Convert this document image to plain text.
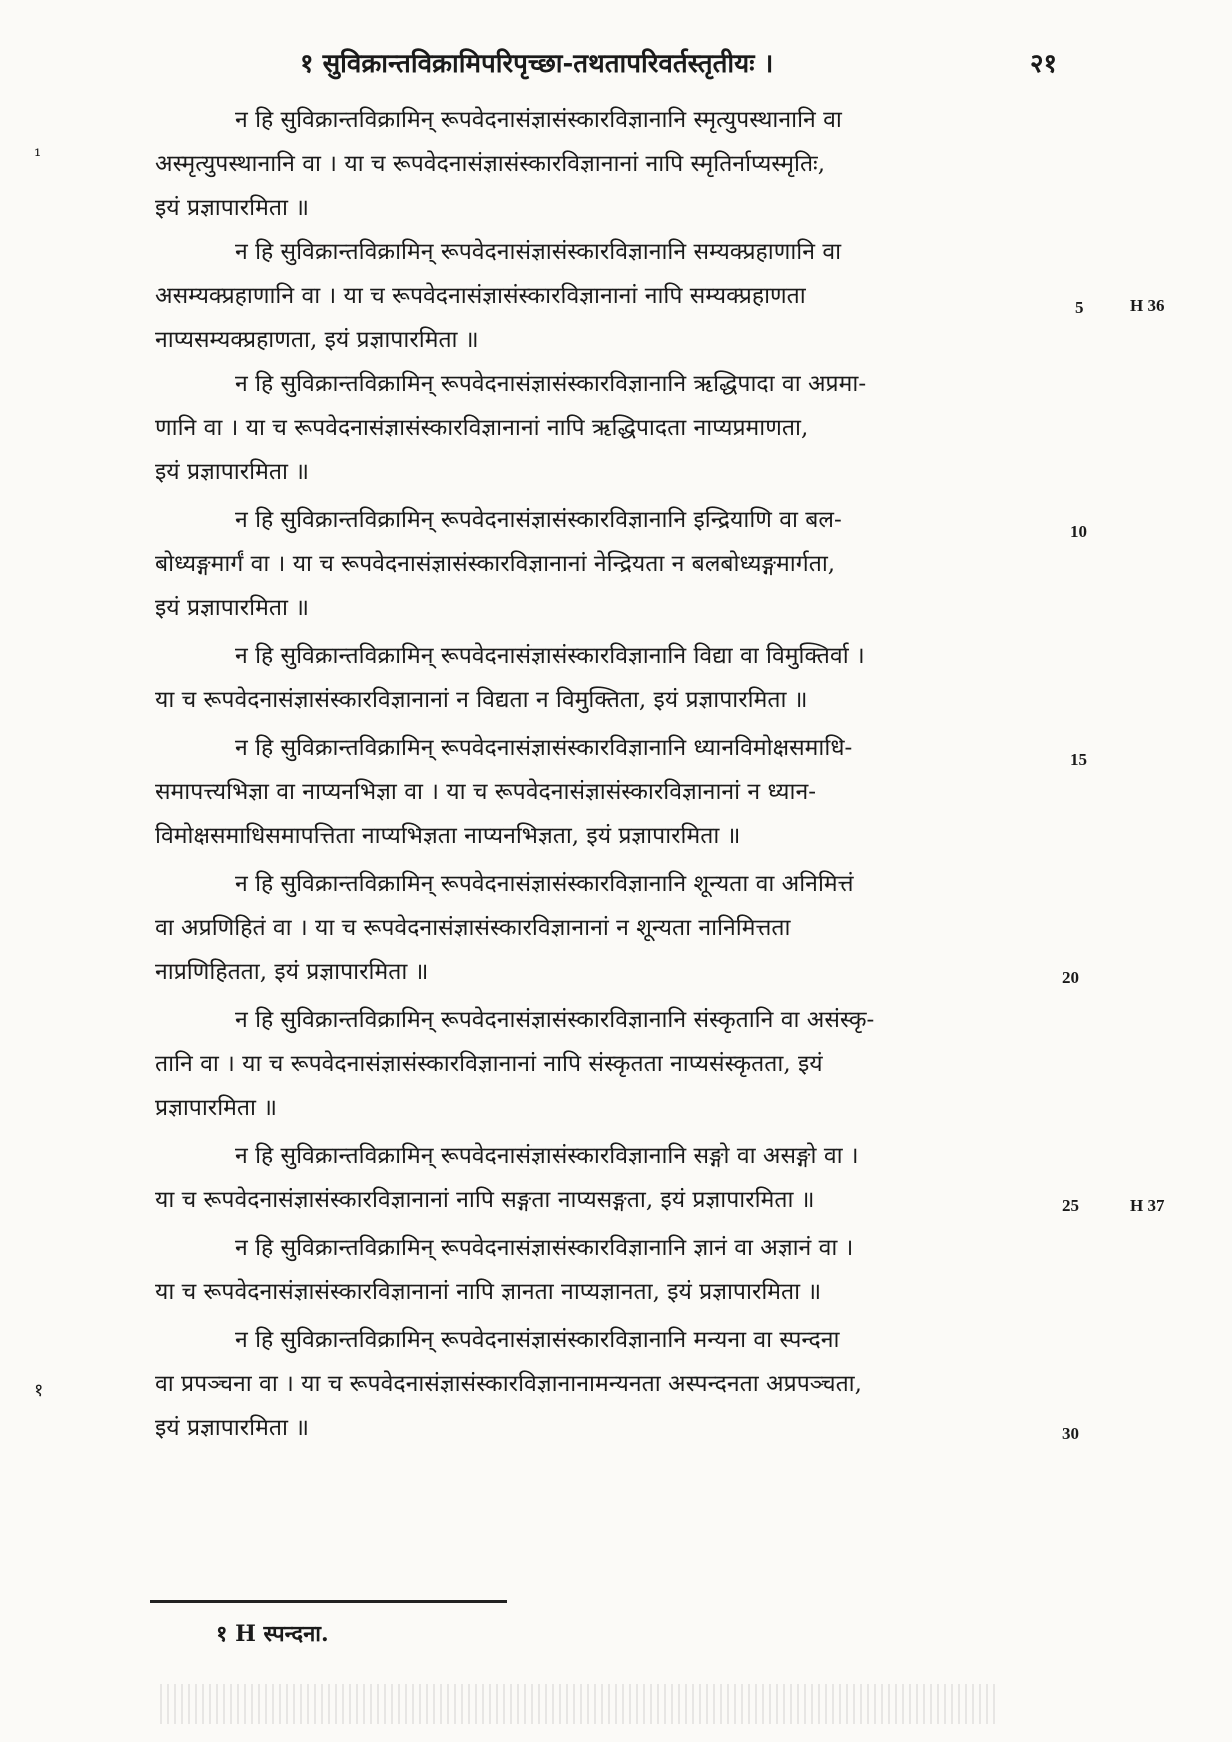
१ सुविक्रान्तविक्रामिपरिपृच्छा-तथतापरिवर्तस्तृतीयः ।	२१
न हि सुविक्रान्तविक्रामिन् रूपवेदनासंज्ञासंस्कारविज्ञानानि स्मृत्युपस्थानानि वा
अस्मृत्युपस्थानानि वा । या च रूपवेदनासंज्ञासंस्कारविज्ञानानां नापि स्मृतिर्नाप्यस्मृतिः,
इयं प्रज्ञापारमिता ॥
न हि सुविक्रान्तविक्रामिन् रूपवेदनासंज्ञासंस्कारविज्ञानानि सम्यक्प्रहाणानि वा
असम्यक्प्रहाणानि वा । या च रूपवेदनासंज्ञासंस्कारविज्ञानानां नापि सम्यक्प्रहाणता
नाप्यसम्यक्प्रहाणता, इयं प्रज्ञापारमिता ॥
न हि सुविक्रान्तविक्रामिन् रूपवेदनासंज्ञासंस्कारविज्ञानानि ऋद्धिपादा वा अप्रमा-
णानि वा । या च रूपवेदनासंज्ञासंस्कारविज्ञानानां नापि ऋद्धिपादता नाप्यप्रमाणता,
इयं प्रज्ञापारमिता ॥
न हि सुविक्रान्तविक्रामिन् रूपवेदनासंज्ञासंस्कारविज्ञानानि इन्द्रियाणि वा बल-
बोध्यङ्गमार्गं वा । या च रूपवेदनासंज्ञासंस्कारविज्ञानानां नेन्द्रियता न बलबोध्यङ्गमार्गता,
इयं प्रज्ञापारमिता ॥
न हि सुविक्रान्तविक्रामिन् रूपवेदनासंज्ञासंस्कारविज्ञानानि विद्या वा विमुक्तिर्वा ।
या च रूपवेदनासंज्ञासंस्कारविज्ञानानां न विद्यता न विमुक्तिता, इयं प्रज्ञापारमिता ॥
न हि सुविक्रान्तविक्रामिन् रूपवेदनासंज्ञासंस्कारविज्ञानानि ध्यानविमोक्षसमाधि-
समापत्त्यभिज्ञा वा नाप्यनभिज्ञा वा । या च रूपवेदनासंज्ञासंस्कारविज्ञानानां न ध्यान-
विमोक्षसमाधिसमापत्तिता नाप्यभिज्ञता नाप्यनभिज्ञता, इयं प्रज्ञापारमिता ॥
न हि सुविक्रान्तविक्रामिन् रूपवेदनासंज्ञासंस्कारविज्ञानानि शून्यता वा अनिमित्तं
वा अप्रणिहितं वा । या च रूपवेदनासंज्ञासंस्कारविज्ञानानां न शून्यता नानिमित्तता
नाप्रणिहितता, इयं प्रज्ञापारमिता ॥
न हि सुविक्रान्तविक्रामिन् रूपवेदनासंज्ञासंस्कारविज्ञानानि संस्कृतानि वा असंस्कृ-
तानि वा । या च रूपवेदनासंज्ञासंस्कारविज्ञानानां नापि संस्कृतता नाप्यसंस्कृतता, इयं
प्रज्ञापारमिता ॥
न हि सुविक्रान्तविक्रामिन् रूपवेदनासंज्ञासंस्कारविज्ञानानि सङ्गो वा असङ्गो वा ।
या च रूपवेदनासंज्ञासंस्कारविज्ञानानां नापि सङ्गता नाप्यसङ्गता, इयं प्रज्ञापारमिता ॥
न हि सुविक्रान्तविक्रामिन् रूपवेदनासंज्ञासंस्कारविज्ञानानि ज्ञानं वा अज्ञानं वा ।
या च रूपवेदनासंज्ञासंस्कारविज्ञानानां नापि ज्ञानता नाप्यज्ञानता, इयं प्रज्ञापारमिता ॥
न हि सुविक्रान्तविक्रामिन् रूपवेदनासंज्ञासंस्कारविज्ञानानि मन्यना वा स्पन्दना
वा प्रपञ्चना वा । या च रूपवेदनासंज्ञासंस्कारविज्ञानानामन्यनता अस्पन्दनता अप्रपञ्चता,
इयं प्रज्ञापारमिता ॥
5
10
15
20
25
30
H 36
H 37
¹
१
१ H स्पन्दना.
